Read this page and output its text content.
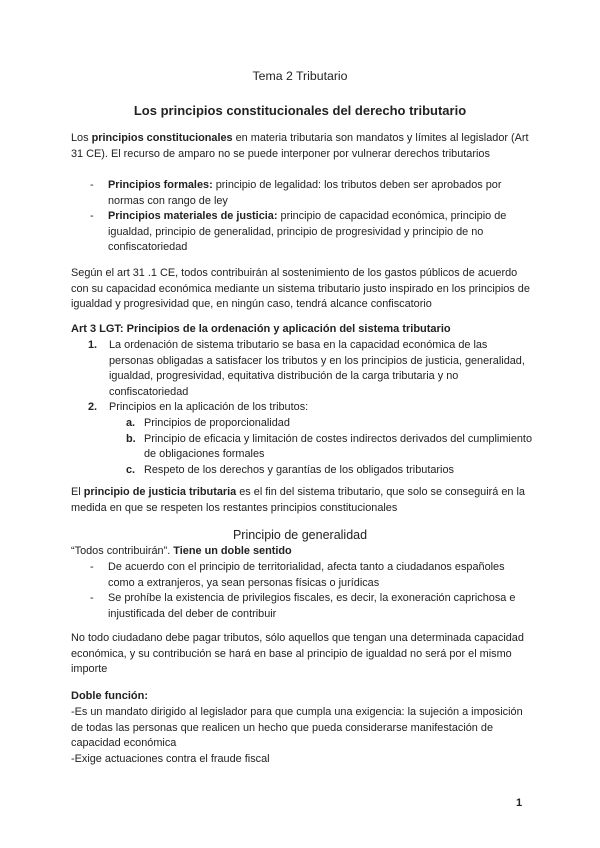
Tema 2 Tributario
Los principios constitucionales del derecho tributario
Los principios constitucionales en materia tributaria son mandatos y límites al legislador (Art 31 CE). El recurso de amparo no se puede interponer por vulnerar derechos tributarios
- Principios formales: principio de legalidad: los tributos deben ser aprobados por normas con rango de ley
- Principios materiales de justicia: principio de capacidad económica, principio de igualdad, principio de generalidad, principio de progresividad y principio de no confiscatoriedad
Según el art 31 .1 CE, todos contribuirán al sostenimiento de los gastos públicos de acuerdo con su capacidad económica mediante un sistema tributario justo inspirado en los principios de igualdad y progresividad que, en ningún caso, tendrá alcance confiscatorio
Art 3 LGT: Principios de la ordenación y aplicación del sistema tributario
1. La ordenación de sistema tributario se basa en la capacidad económica de las personas obligadas a satisfacer los tributos y en los principios de justicia, generalidad, igualdad, progresividad, equitativa distribución de la carga tributaria y no confiscatoriedad
2. Principios en la aplicación de los tributos:
a. Principios de proporcionalidad
b. Principio de eficacia y limitación de costes indirectos derivados del cumplimiento de obligaciones formales
c. Respeto de los derechos y garantías de los obligados tributarios
El principio de justicia tributaria es el fin del sistema tributario, que solo se conseguirá en la medida en que se respeten los restantes principios constitucionales
Principio de generalidad
“Todos contribuirán”. Tiene un doble sentido
- De acuerdo con el principio de territorialidad, afecta tanto a ciudadanos españoles como a extranjeros, ya sean personas físicas o jurídicas
- Se prohíbe la existencia de privilegios fiscales, es decir, la exoneración caprichosa e injustificada del deber de contribuir
No todo ciudadano debe pagar tributos, sólo aquellos que tengan una determinada capacidad económica, y su contribución se hará en base al principio de igualdad no será por el mismo importe
Doble función:
-Es un mandato dirigido al legislador para que cumpla una exigencia: la sujeción a imposición de todas las personas que realicen un hecho que pueda considerarse manifestación de capacidad económica
-Exige actuaciones contra el fraude fiscal
1
